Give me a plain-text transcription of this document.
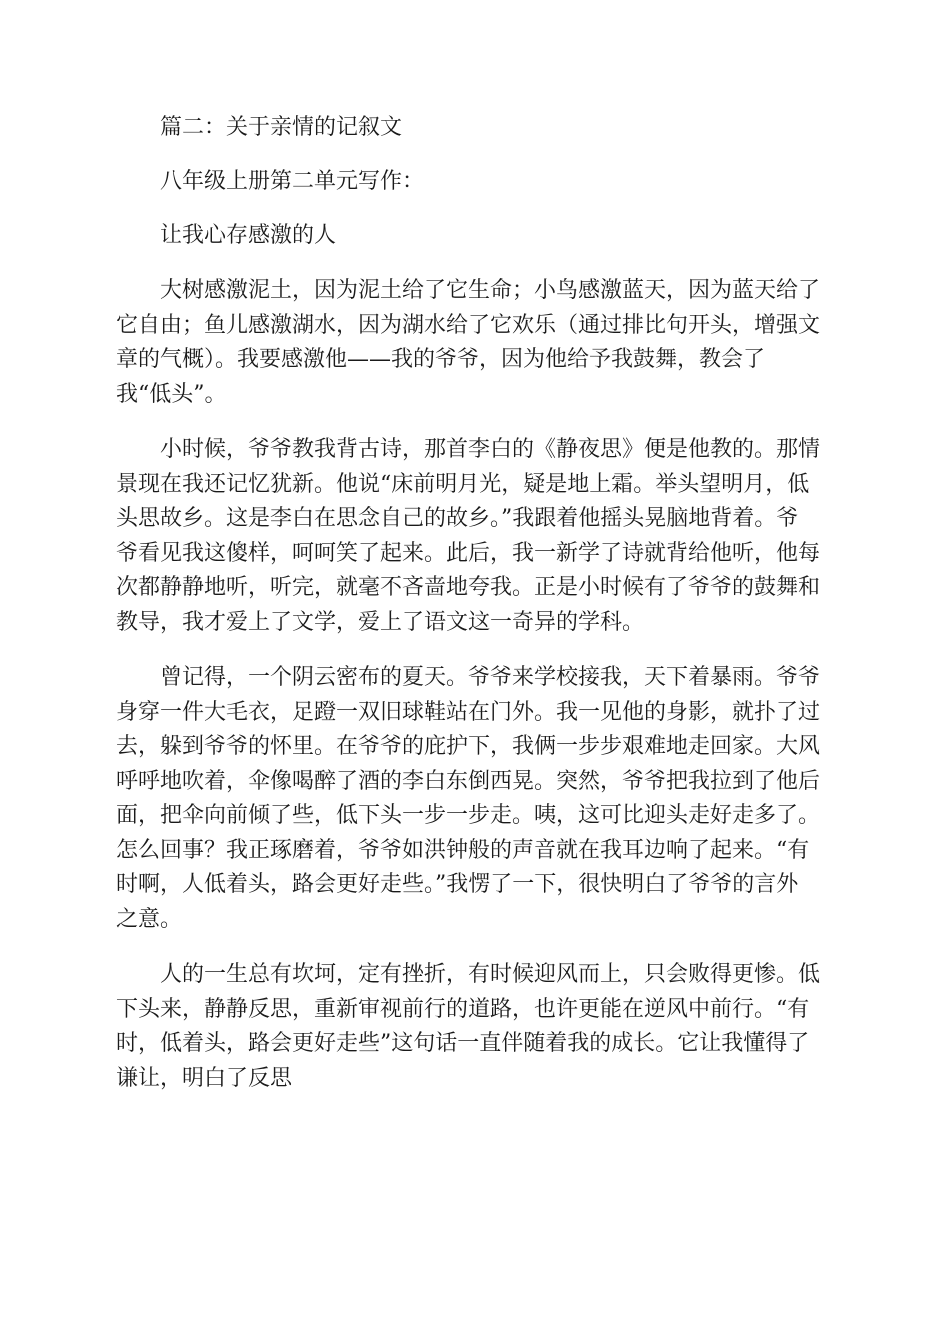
篇二：关于亲情的记叙文
八年级上册第二单元写作：
让我心存感激的人
大树感激泥土，因为泥土给了它生命；小鸟感激蓝天，因为蓝天给了
它自由；鱼儿感激湖水，因为湖水给了它欢乐（通过排比句开头，增强文
章的气概）。我要感激他——我的爷爷，因为他给予我鼓舞，教会了
我“低头”。
小时候，爷爷教我背古诗，那首李白的《静夜思》便是他教的。那情
景现在我还记忆犹新。他说“床前明月光，疑是地上霜。举头望明月，低
头思故乡。这是李白在思念自己的故乡。”我跟着他摇头晃脑地背着。爷
爷看见我这傻样，呵呵笑了起来。此后，我一新学了诗就背给他听，他每
次都静静地听，听完，就毫不吝啬地夸我。正是小时候有了爷爷的鼓舞和
教导，我才爱上了文学，爱上了语文这一奇异的学科。
曾记得，一个阴云密布的夏天。爷爷来学校接我，天下着暴雨。爷爷
身穿一件大毛衣，足蹬一双旧球鞋站在门外。我一见他的身影，就扑了过
去，躲到爷爷的怀里。在爷爷的庇护下，我俩一步步艰难地走回家。大风
呼呼地吹着，伞像喝醉了酒的李白东倒西晃。突然，爷爷把我拉到了他后
面，把伞向前倾了些，低下头一步一步走。咦，这可比迎头走好走多了。
怎么回事？我正琢磨着，爷爷如洪钟般的声音就在我耳边响了起来。“有
时啊，人低着头，路会更好走些。”我愣了一下，很快明白了爷爷的言外
之意。
人的一生总有坎坷，定有挫折，有时候迎风而上，只会败得更惨。低
下头来，静静反思，重新审视前行的道路，也许更能在逆风中前行。“有
时，低着头，路会更好走些”这句话一直伴随着我的成长。它让我懂得了
谦让，明白了反思
